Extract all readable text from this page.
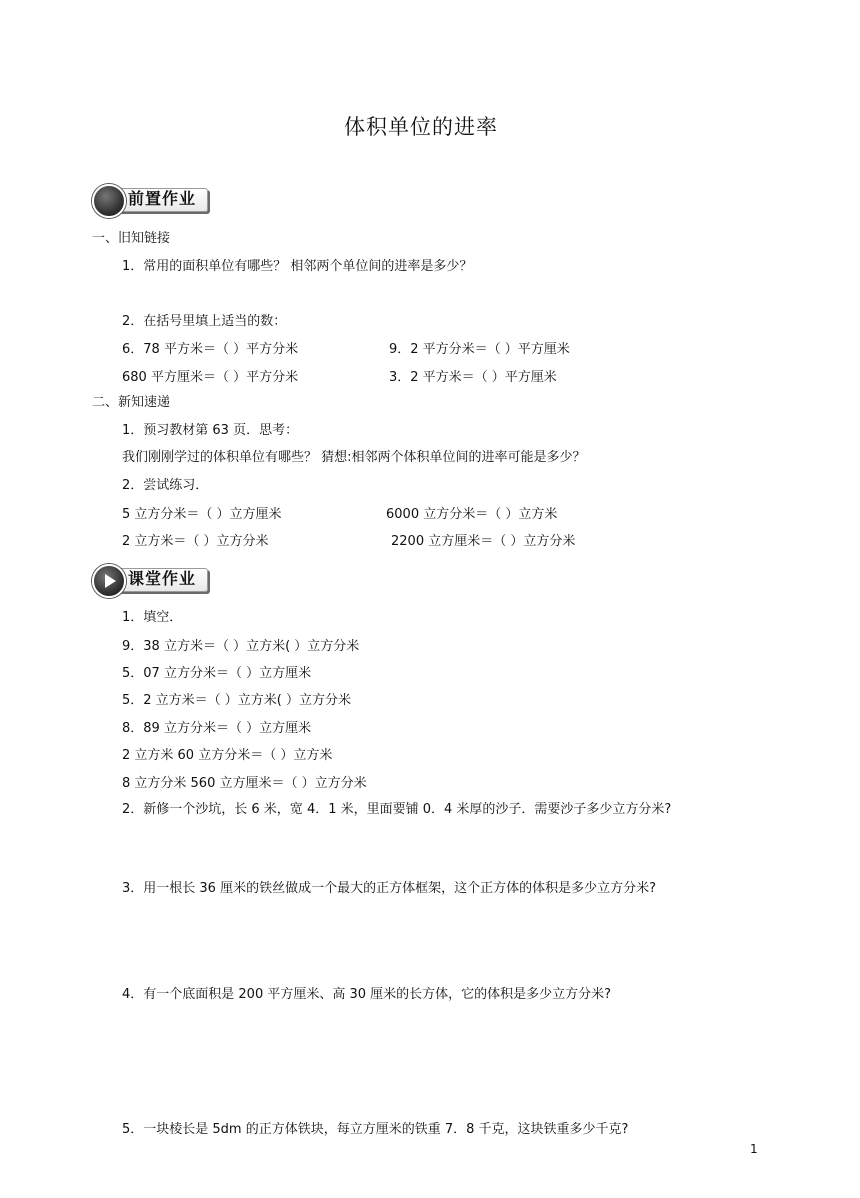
体积单位的进率
前置作业
一、旧知链接
1．常用的面积单位有哪些？ 相邻两个单位间的进率是多少？
2．在括号里填上适当的数：
6．78 平方米＝（ ）平方分米	9．2 平方分米＝（ ）平方厘米
680 平方厘米＝（ ）平方分米	3．2 平方米＝（ ）平方厘米
二、新知速递
1．预习教材第 63 页．思考：
我们刚刚学过的体积单位有哪些？ 猜想:相邻两个体积单位间的进率可能是多少？
2．尝试练习．
5 立方分米＝（ ）立方厘米	6000 立方分米＝（ ）立方米
2 立方米＝（ ）立方分米	2200 立方厘米＝（ ）立方分米
课堂作业
1．填空．
9．38 立方米＝（ ）立方米( ）立方分米
5．07 立方分米＝（ ）立方厘米
5．2 立方米＝（ ）立方米( ）立方分米
8．89 立方分米＝（ ）立方厘米
2 立方米 60 立方分米＝（ ）立方米
8 立方分米 560 立方厘米＝（ ）立方分米
2．新修一个沙坑，长 6 米，宽 4．1 米，里面要铺 0．4 米厚的沙子．需要沙子多少立方分米?
3．用一根长 36 厘米的铁丝做成一个最大的正方体框架，这个正方体的体积是多少立方分米?
4．有一个底面积是 200 平方厘米、高 30 厘米的长方体，它的体积是多少立方分米?
5．一块棱长是 5dm 的正方体铁块，每立方厘米的铁重 7．8 千克，这块铁重多少千克?
1
